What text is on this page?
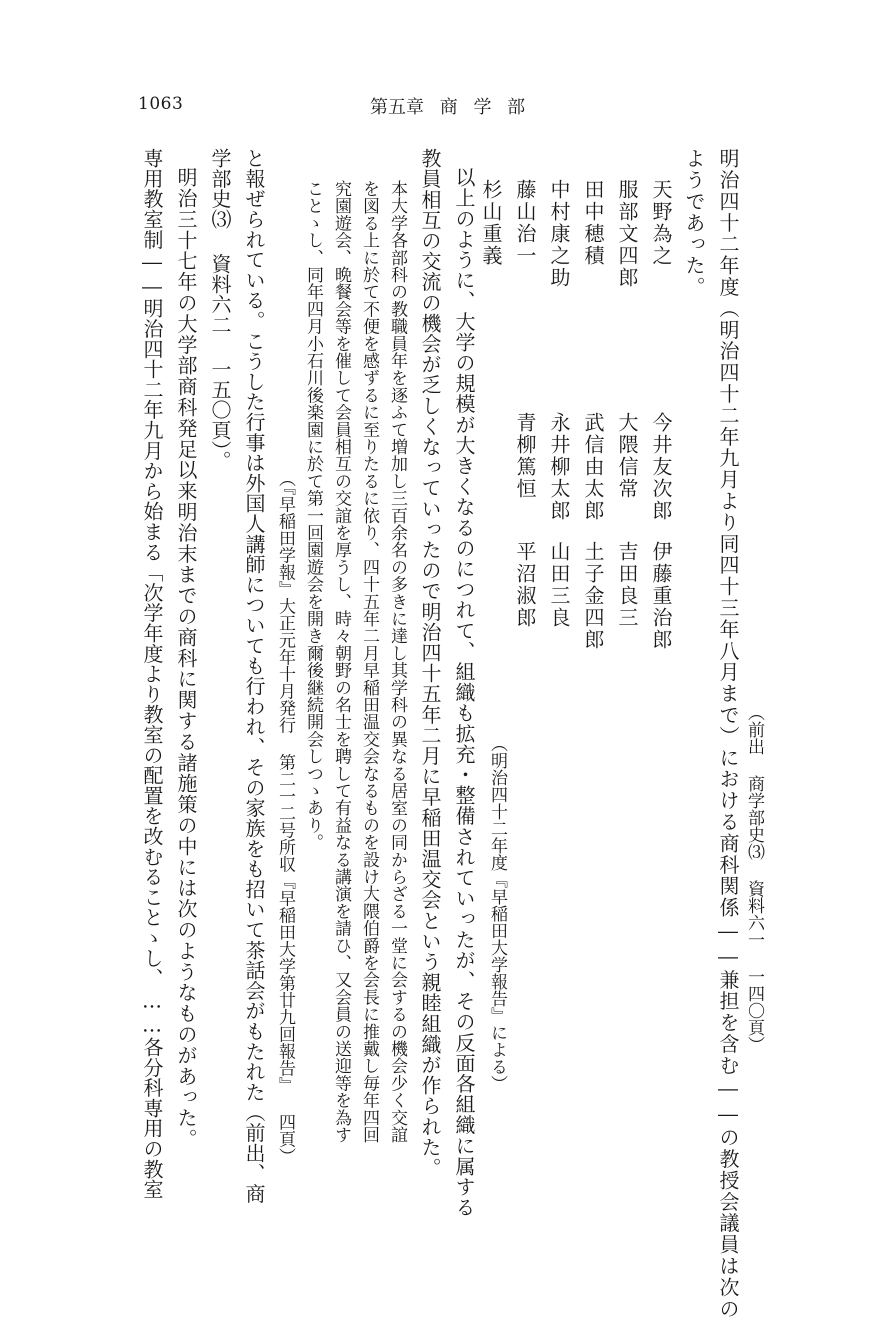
1063	第五章 商 学 部
（前出 商学部史⑶ 資料六一 一四〇頁）
明治四十二年度（明治四十二年九月より同四十三年八月まで）における商科関係――兼担を含む――の教授会議員は次の
ようであった。
天野為之
今井友次郎
伊藤重治郎
服部文四郎
大隈信常
吉田良三
田中穂積
武信由太郎
土子金四郎
中村康之助
永井柳太郎
山田三良
藤山治一
青柳篤恒
平沼淑郎
杉山重義
（明治四十二年度『早稲田大学報告』による）
以上のように、大学の規模が大きくなるのにつれて、組織も拡充・整備されていったが、その反面各組織に属する
教員相互の交流の機会が乏しくなっていったので明治四十五年二月に早稲田温交会という親睦組織が作られた。
本大学各部科の教職員年を逐ふて増加し三百余名の多きに達し其学科の異なる居室の同からざる一堂に会するの機会少く交誼
を図る上に於て不便を感ずるに至りたるに依り、四十五年二月早稲田温交会なるものを設け大隈伯爵を会長に推戴し毎年四回
究園遊会、晩餐会等を催して会員相互の交誼を厚うし、時々朝野の名士を聘して有益なる講演を請ひ、又会員の送迎等を為す
ことゝし、同年四月小石川後楽園に於て第一回園遊会を開き爾後継続開会しつゝあり。
（『早稲田学報』大正元年十月発行 第二一二号所収『早稲田大学第廿九回報告』 四頁）
と報ぜられている。こうした行事は外国人講師についても行われ、その家族をも招いて茶話会がもたれた（前出、商
学部史⑶ 資料六二 一五〇頁）。
明治三十七年の大学部商科発足以来明治末までの商科に関する諸施策の中には次のようなものがあった。
専用教室制――明治四十二年九月から始まる「次学年度より教室の配置を改むることゝし、……各分科専用の教室
